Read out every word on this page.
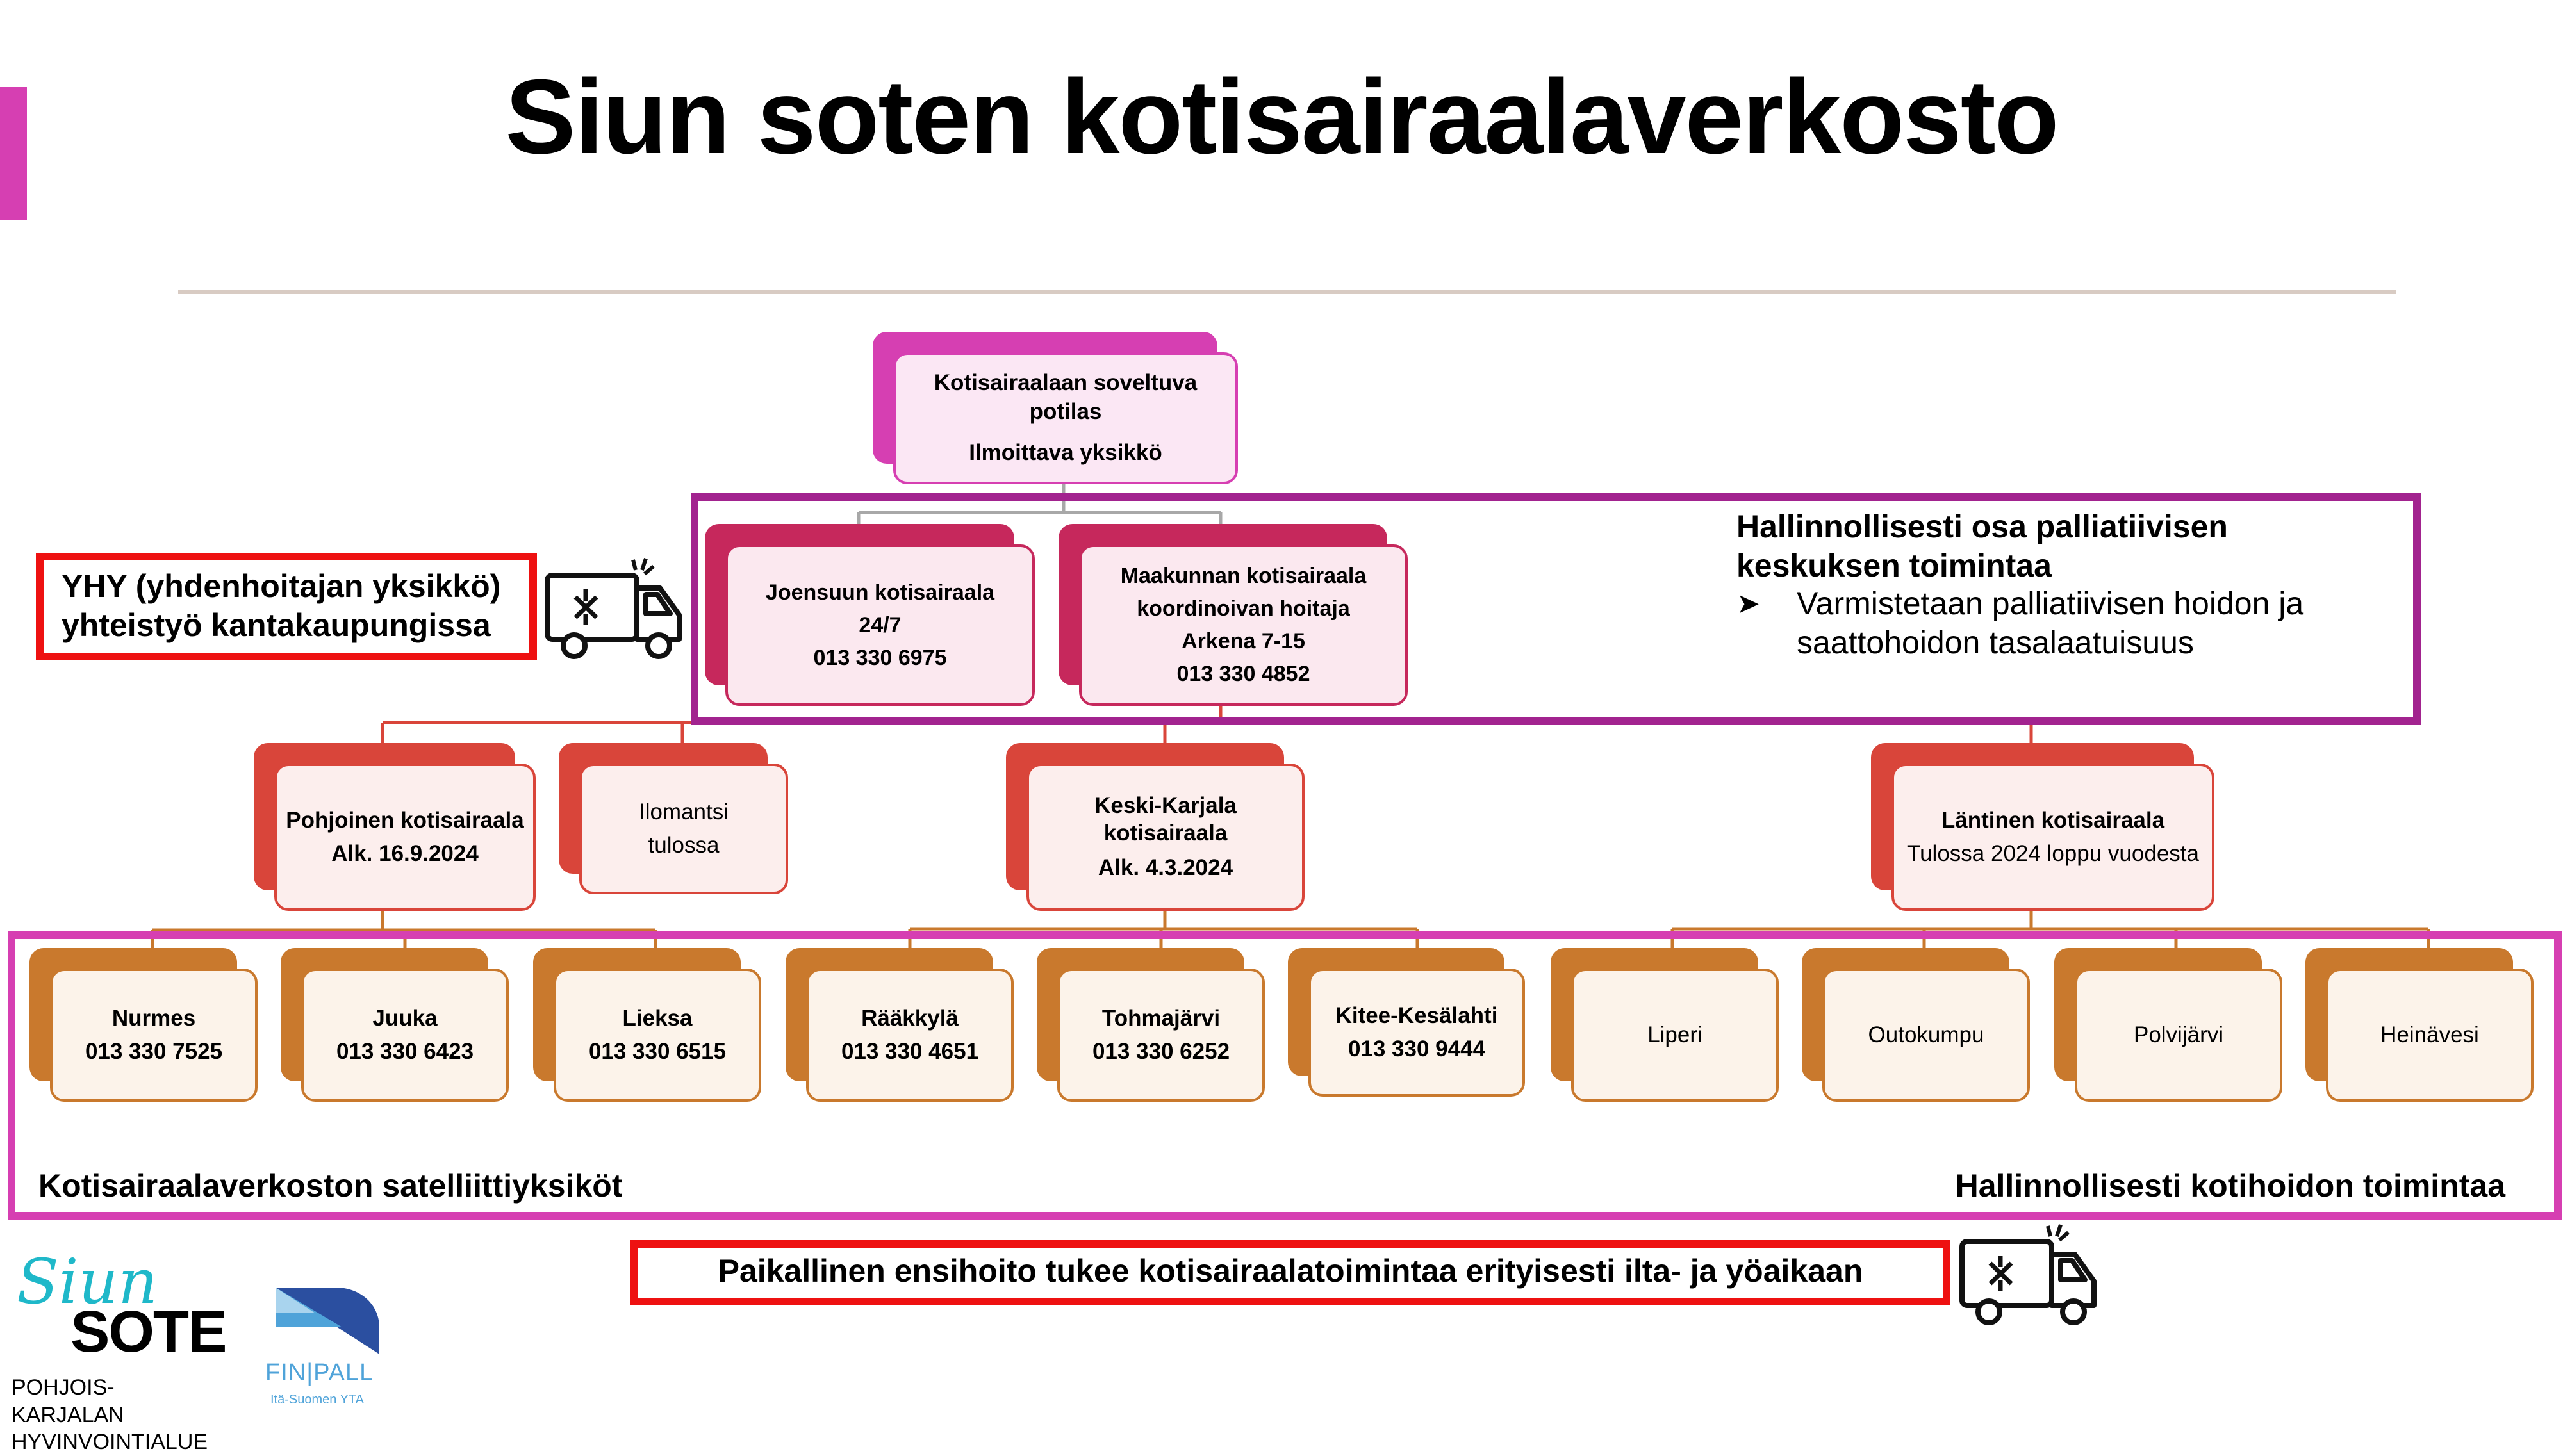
Siun soten kotisairaalaverkosto
Kotisairaalaan soveltuva potilas
Ilmoittava yksikkö
Joensuun kotisairaala
24/7
013 330 6975
Maakunnan kotisairaala
koordinoivan hoitaja
Arkena 7-15
013 330 4852
Hallinnollisesti osa palliatiivisen keskuksen toimintaa
➤	Varmistetaan palliatiivisen hoidon ja saattohoidon tasalaatuisuus
YHY (yhdenhoitajan yksikkö)
yhteistyö kantakaupungissa
Pohjoinen kotisairaala
Alk. 16.9.2024
Ilomantsi
tulossa
Keski-Karjala kotisairaala
Alk. 4.3.2024
Läntinen kotisairaala
Tulossa 2024 loppu vuodesta
Nurmes
013 330 7525
Juuka
013 330 6423
Lieksa
013 330 6515
Rääkkylä
013 330 4651
Tohmajärvi
013 330 6252
Kitee-Kesälahti
013 330 9444
Liperi	Outokumpu	Polvijärvi	Heinävesi
Kotisairaalaverkoston satelliittiyksiköt	Hallinnollisesti kotihoidon toimintaa
Paikallinen ensihoito tukee kotisairaalatoimintaa erityisesti ilta- ja yöaikaan
Siun
SOTE
POHJOIS-KARJALAN
HYVINVOINTIALUE
FIN|PALL
Itä-Suomen YTA
